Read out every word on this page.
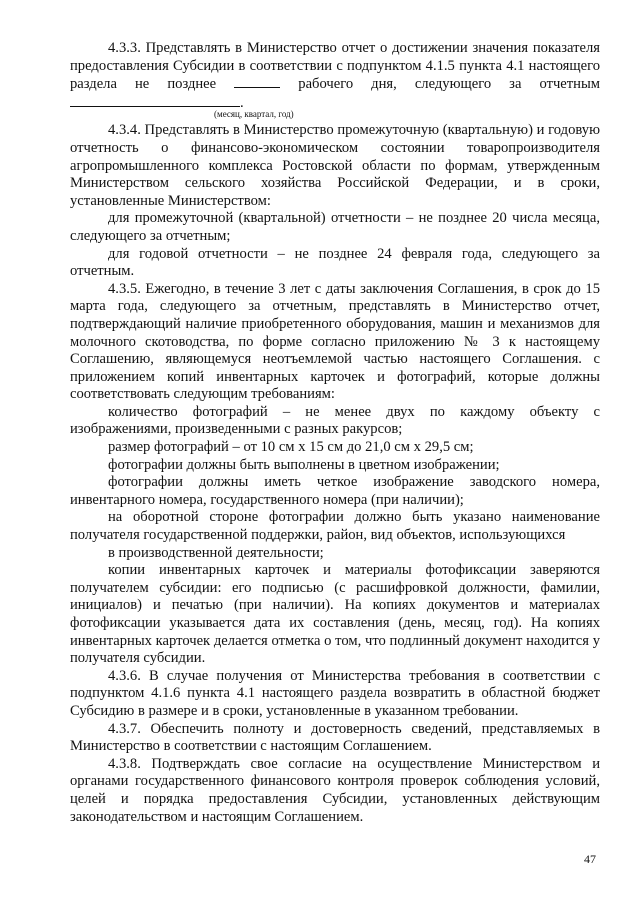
4.3.3. Представлять в Министерство отчет о достижении значения показателя предоставления Субсидии в соответствии с подпунктом 4.1.5 пункта 4.1 настоящего раздела не позднее	рабочего дня, следующего за отчетным .

(месяц, квартал, год)

4.3.4. Представлять в Министерство промежуточную (квартальную) и годовую отчетность о финансово-экономическом состоянии товаропроизводителя агропромышленного комплекса Ростовской области по формам, утвержденным Министерством сельского хозяйства Российской Федерации, и в сроки, установленные Министерством:

для промежуточной (квартальной) отчетности – не позднее 20 числа месяца, следующего за отчетным;

для годовой отчетности – не позднее 24 февраля года, следующего за отчетным.

4.3.5. Ежегодно, в течение 3 лет с даты заключения Соглашения, в срок до 15 марта года, следующего за отчетным, представлять в Министерство отчет, подтверждающий наличие приобретенного оборудования, машин и механизмов для молочного скотоводства, по форме согласно приложению № 3 к настоящему Соглашению, являющемуся неотъемлемой частью настоящего Соглашения. с приложением копий инвентарных карточек и фотографий, которые должны соответствовать следующим требованиям:

количество фотографий – не менее двух по каждому объекту с изображениями, произведенными с разных ракурсов;

размер фотографий – от 10 см х 15 см до 21,0 см х 29,5 см;

фотографии должны быть выполнены в цветном изображении;

фотографии должны иметь четкое изображение заводского номера, инвентарного номера, государственного номера (при наличии);

на оборотной стороне фотографии должно быть указано наименование получателя государственной поддержки, район, вид объектов, использующихся

в производственной деятельности;

копии инвентарных карточек и материалы фотофиксации заверяются получателем субсидии: его подписью (с расшифровкой должности, фамилии, инициалов) и печатью (при наличии). На копиях документов и материалах фотофиксации указывается дата их составления (день, месяц, год). На копиях инвентарных карточек делается отметка о том, что подлинный документ находится у получателя субсидии.

4.3.6. В случае получения от Министерства требования в соответствии с подпунктом 4.1.6 пункта 4.1 настоящего раздела возвратить в областной бюджет Субсидию в размере и в сроки, установленные в указанном требовании.

4.3.7. Обеспечить полноту и достоверность сведений, представляемых в Министерство в соответствии с настоящим Соглашением.

4.3.8. Подтверждать свое согласие на осуществление Министерством и органами государственного финансового контроля проверок соблюдения условий, целей и порядка предоставления Субсидии, установленных действующим законодательством и настоящим Соглашением.

47
